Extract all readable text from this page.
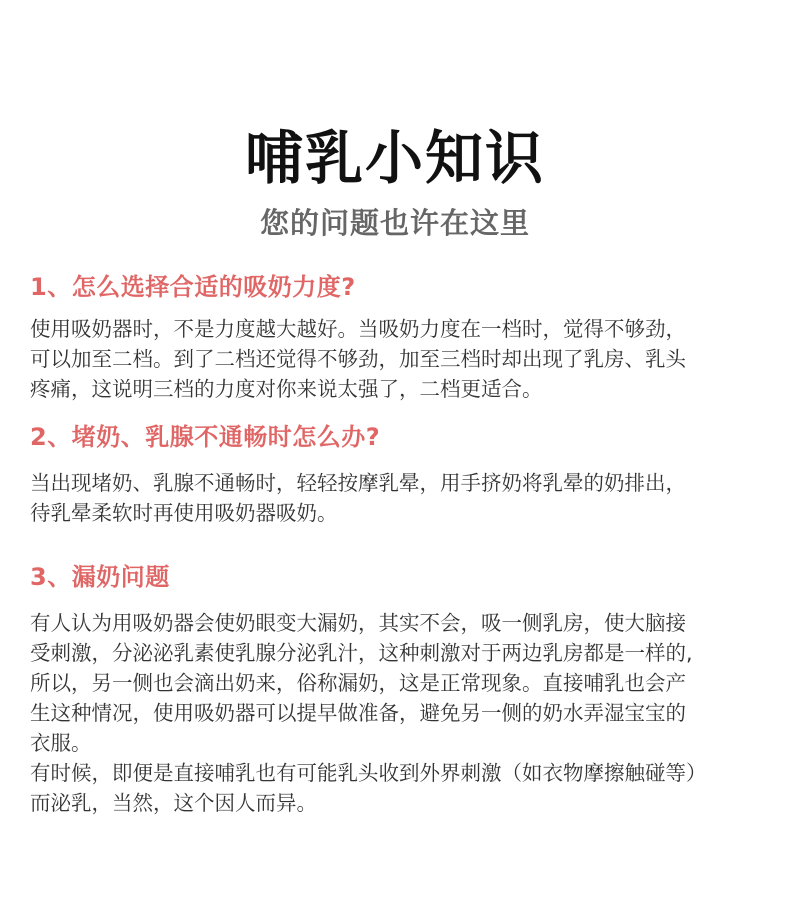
哺乳小知识
您的问题也许在这里
1、怎么选择合适的吸奶力度?

使用吸奶器时，不是力度越大越好。当吸奶力度在一档时，觉得不够劲，

可以加至二档。到了二档还觉得不够劲，加至三档时却出现了乳房、乳头

疼痛，这说明三档的力度对你来说太强了，二档更适合。

2、堵奶、乳腺不通畅时怎么办?

当出现堵奶、乳腺不通畅时，轻轻按摩乳晕，用手挤奶将乳晕的奶排出，

待乳晕柔软时再使用吸奶器吸奶。

3、漏奶问题

有人认为用吸奶器会使奶眼变大漏奶，其实不会，吸一侧乳房，使大脑接

受刺激，分泌泌乳素使乳腺分泌乳汁，这种刺激对于两边乳房都是一样的,

所以，另一侧也会滴出奶来，俗称漏奶，这是正常现象。直接哺乳也会产

生这种情况，使用吸奶器可以提早做准备，避免另一侧的奶水弄湿宝宝的

衣服。

有时候，即便是直接哺乳也有可能乳头收到外界刺激（如衣物摩擦触碰等）

而泌乳，当然，这个因人而异。
